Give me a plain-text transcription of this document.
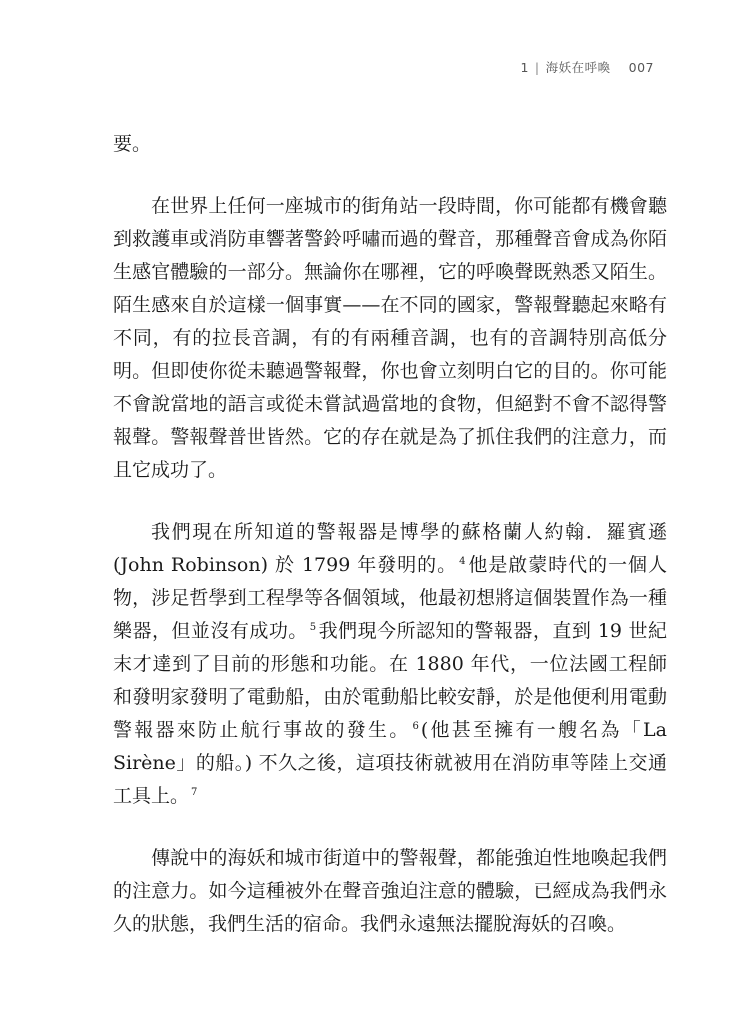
1 | 海妖在呼喚 007

要。

在世界上任何一座城市的街角站一段時間，你可能都有機會聽到救護車或消防車響著警鈴呼嘯而過的聲音，那種聲音會成為你陌生感官體驗的一部分。無論你在哪裡，它的呼喚聲既熟悉又陌生。陌生感來自於這樣一個事實——在不同的國家，警報聲聽起來略有不同，有的拉長音調，有的有兩種音調，也有的音調特別高低分明。但即使你從未聽過警報聲，你也會立刻明白它的目的。你可能不會說當地的語言或從未嘗試過當地的食物，但絕對不會不認得警報聲。警報聲普世皆然。它的存在就是為了抓住我們的注意力，而且它成功了。

我們現在所知道的警報器是博學的蘇格蘭人約翰．羅賓遜 (John Robinson) 於 1799 年發明的。 $^4$ 他是啟蒙時代的一個人物，涉足哲學到工程學等各個領域，他最初想將這個裝置作為一種樂器，但並沒有成功。 $^5$ 我們現今所認知的警報器，直到 19 世紀末才達到了目前的形態和功能。在 1880 年代，一位法國工程師和發明家發明了電動船，由於電動船比較安靜，於是他便利用電動警報器來防止航行事故的發生。 $^6$ (他甚至擁有一艘名為「La Sirène」的船。) 不久之後，這項技術就被用在消防車等陸上交通工具上。 $^7$

傳說中的海妖和城市街道中的警報聲，都能強迫性地喚起我們的注意力。如今這種被外在聲音強迫注意的體驗，已經成為我們永久的狀態，我們生活的宿命。我們永遠無法擺脫海妖的召喚。
